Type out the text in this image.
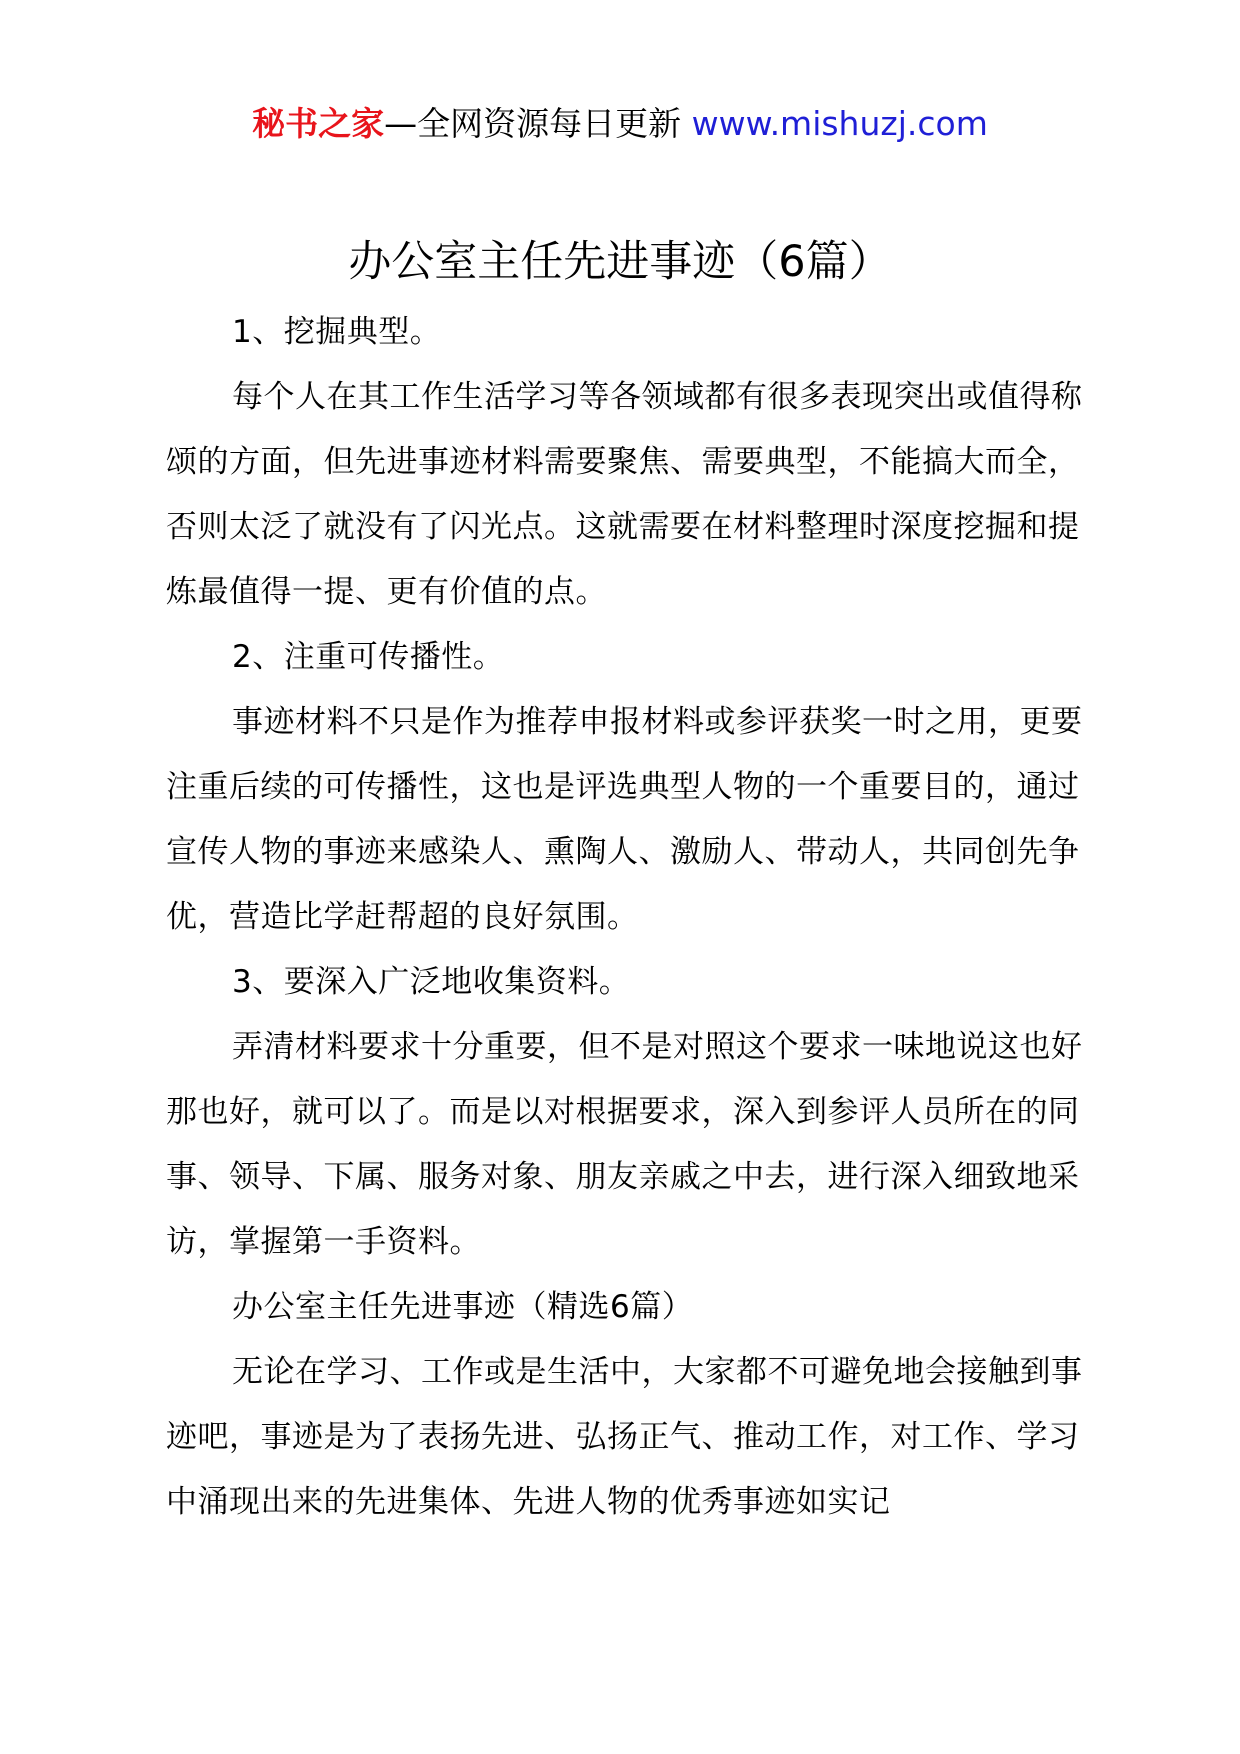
秘书之家—全网资源每日更新 www.mishuzj.com
办公室主任先进事迹（6篇）

1、挖掘典型。

每个人在其工作生活学习等各领域都有很多表现突出或值得称颂的方面，但先进事迹材料需要聚焦、需要典型，不能搞大而全，否则太泛了就没有了闪光点。这就需要在材料整理时深度挖掘和提炼最值得一提、更有价值的点。

2、注重可传播性。

事迹材料不只是作为推荐申报材料或参评获奖一时之用，更要注重后续的可传播性，这也是评选典型人物的一个重要目的，通过宣传人物的事迹来感染人、熏陶人、激励人、带动人，共同创先争优，营造比学赶帮超的良好氛围。

3、要深入广泛地收集资料。

弄清材料要求十分重要，但不是对照这个要求一味地说这也好那也好，就可以了。而是以对根据要求，深入到参评人员所在的同事、领导、下属、服务对象、朋友亲戚之中去，进行深入细致地采访，掌握第一手资料。

办公室主任先进事迹（精选6篇）

无论在学习、工作或是生活中，大家都不可避免地会接触到事迹吧，事迹是为了表扬先进、弘扬正气、推动工作，对工作、学习中涌现出来的先进集体、先进人物的优秀事迹如实记
